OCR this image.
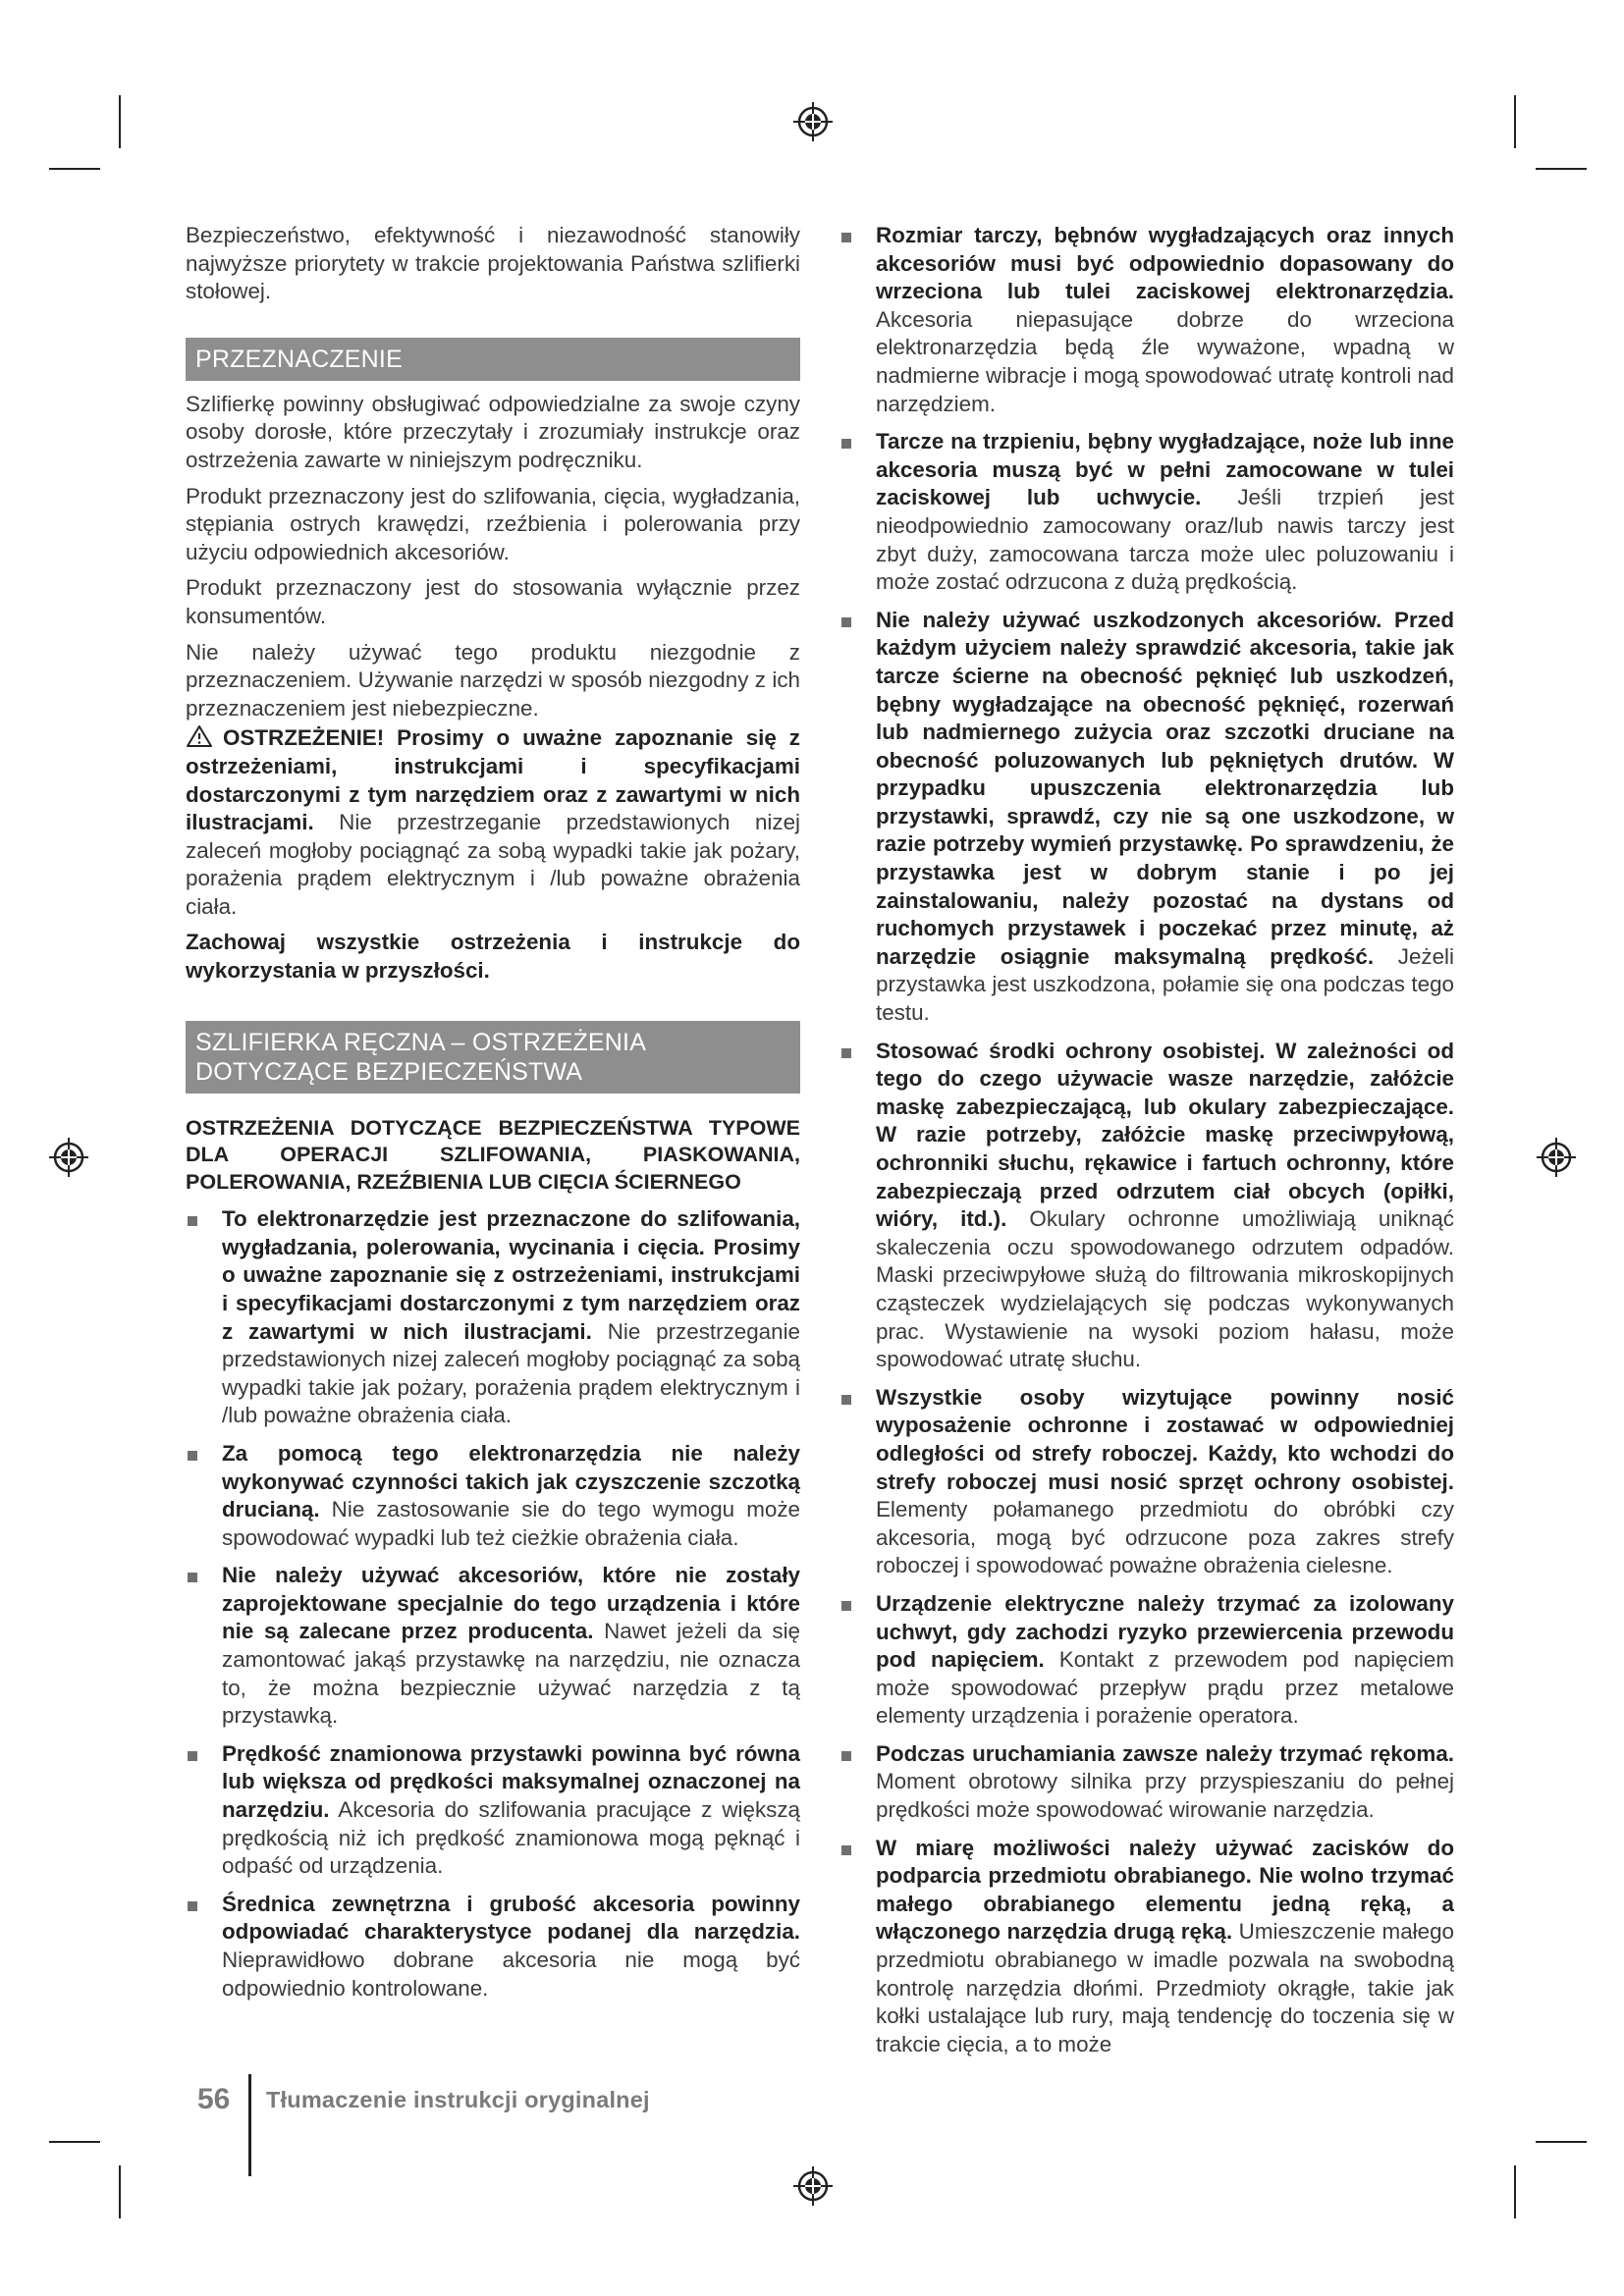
Bezpieczeństwo, efektywność i niezawodność stanowiły najwyższe priorytety w trakcie projektowania Państwa szlifierki stołowej.

PRZEZNACZENIE

Szlifierkę powinny obsługiwać odpowiedzialne za swoje czyny osoby dorosłe, które przeczytały i zrozumiały instrukcje oraz ostrzeżenia zawarte w niniejszym podręczniku.

Produkt przeznaczony jest do szlifowania, cięcia, wygładzania, stępiania ostrych krawędzi, rzeźbienia i polerowania przy użyciu odpowiednich akcesoriów.

Produkt przeznaczony jest do stosowania wyłącznie przez konsumentów.

Nie należy używać tego produktu niezgodnie z przeznaczeniem. Używanie narzędzi w sposób niezgodny z ich przeznaczeniem jest niebezpieczne.

OSTRZEŻENIE! Prosimy o uważne zapoznanie się z ostrzeżeniami, instrukcjami i specyfikacjami dostarczonymi z tym narzędziem oraz z zawartymi w nich ilustracjami. Nie przestrzeganie przedstawionych nizej zaleceń mogłoby pociągnąć za sobą wypadki takie jak pożary, porażenia prądem elektrycznym i /lub poważne obrażenia ciała.

Zachowaj wszystkie ostrzeżenia i instrukcje do wykorzystania w przyszłości.

SZLIFIERKA RĘCZNA – OSTRZEŻENIA DOTYCZĄCE BEZPIECZEŃSTWA
OSTRZEŻENIA DOTYCZĄCE BEZPIECZEŃSTWA TYPOWE DLA OPERACJI SZLIFOWANIA, PIASKOWANIA, POLEROWANIA, RZEŹBIENIA LUB CIĘCIA ŚCIERNEGO
To elektronarzędzie jest przeznaczone do szlifowania, wygładzania, polerowania, wycinania i cięcia. Prosimy o uważne zapoznanie się z ostrzeżeniami, instrukcjami i specyfikacjami dostarczonymi z tym narzędziem oraz z zawartymi w nich ilustracjami. Nie przestrzeganie przedstawionych nizej zaleceń mogłoby pociągnąć za sobą wypadki takie jak pożary, porażenia prądem elektrycznym i /lub poważne obrażenia ciała.
Za pomocą tego elektronarzędzia nie należy wykonywać czynności takich jak czyszczenie szczotką drucianą. Nie zastosowanie sie do tego wymogu może spowodować wypadki lub też cieżkie obrażenia ciała.
Nie należy używać akcesoriów, które nie zostały zaprojektowane specjalnie do tego urządzenia i które nie są zalecane przez producenta. Nawet jeżeli da się zamontować jakąś przystawkę na narzędziu, nie oznacza to, że można bezpiecznie używać narzędzia z tą przystawką.
Prędkość znamionowa przystawki powinna być równa lub większa od prędkości maksymalnej oznaczonej na narzędziu. Akcesoria do szlifowania pracujące z większą prędkością niż ich prędkość znamionowa mogą pęknąć i odpaść od urządzenia.
Średnica zewnętrzna i grubość akcesoria powinny odpowiadać charakterystyce podanej dla narzędzia. Nieprawidłowo dobrane akcesoria nie mogą być odpowiednio kontrolowane.
Rozmiar tarczy, bębnów wygładzających oraz innych akcesoriów musi być odpowiednio dopasowany do wrzeciona lub tulei zaciskowej elektronarzędzia. Akcesoria niepasujące dobrze do wrzeciona elektronarzędzia będą źle wyważone, wpadną w nadmierne wibracje i mogą spowodować utratę kontroli nad narzędziem.
Tarcze na trzpieniu, bębny wygładzające, noże lub inne akcesoria muszą być w pełni zamocowane w tulei zaciskowej lub uchwycie. Jeśli trzpień jest nieodpowiednio zamocowany oraz/lub nawis tarczy jest zbyt duży, zamocowana tarcza może ulec poluzowaniu i może zostać odrzucona z dużą prędkością.
Nie należy używać uszkodzonych akcesoriów. Przed każdym użyciem należy sprawdzić akcesoria, takie jak tarcze ścierne na obecność pęknięć lub uszkodzeń, bębny wygładzające na obecność pęknięć, rozerwań lub nadmiernego zużycia oraz szczotki druciane na obecność poluzowanych lub pękniętych drutów. W przypadku upuszczenia elektronarzędzia lub przystawki, sprawdź, czy nie są one uszkodzone, w razie potrzeby wymień przystawkę. Po sprawdzeniu, że przystawka jest w dobrym stanie i po jej zainstalowaniu, należy pozostać na dystans od ruchomych przystawek i poczekać przez minutę, aż narzędzie osiągnie maksymalną prędkość. Jeżeli przystawka jest uszkodzona, połamie się ona podczas tego testu.
Stosować środki ochrony osobistej. W zależności od tego do czego używacie wasze narzędzie, załóżcie maskę zabezpieczającą, lub okulary zabezpieczające. W razie potrzeby, załóżcie maskę przeciwpyłową, ochronniki słuchu, rękawice i fartuch ochronny, które zabezpieczają przed odrzutem ciał obcych (opiłki, wióry, itd.). Okulary ochronne umożliwiają uniknąć skaleczenia oczu spowodowanego odrzutem odpadów. Maski przeciwpyłowe służą do filtrowania mikroskopijnych cząsteczek wydzielających się podczas wykonywanych prac. Wystawienie na wysoki poziom hałasu, może spowodować utratę słuchu.
Wszystkie osoby wizytujące powinny nosić wyposażenie ochronne i zostawać w odpowiedniej odległości od strefy roboczej. Każdy, kto wchodzi do strefy roboczej musi nosić sprzęt ochrony osobistej. Elementy połamanego przedmiotu do obróbki czy akcesoria, mogą być odrzucone poza zakres strefy roboczej i spowodować poważne obrażenia cielesne.
Urządzenie elektryczne należy trzymać za izolowany uchwyt, gdy zachodzi ryzyko przewiercenia przewodu pod napięciem. Kontakt z przewodem pod napięciem może spowodować przepływ prądu przez metalowe elementy urządzenia i porażenie operatora.
Podczas uruchamiania zawsze należy trzymać rękoma. Moment obrotowy silnika przy przyspieszaniu do pełnej prędkości może spowodować wirowanie narzędzia.
W miarę możliwości należy używać zacisków do podparcia przedmiotu obrabianego. Nie wolno trzymać małego obrabianego elementu jedną ręką, a włączonego narzędzia drugą ręką. Umieszczenie małego przedmiotu obrabianego w imadle pozwala na swobodną kontrolę narzędzia dłońmi. Przedmioty okrągłe, takie jak kołki ustalające lub rury, mają tendencję do toczenia się w trakcie cięcia, a to może
56 Tłumaczenie instrukcji oryginalnej
